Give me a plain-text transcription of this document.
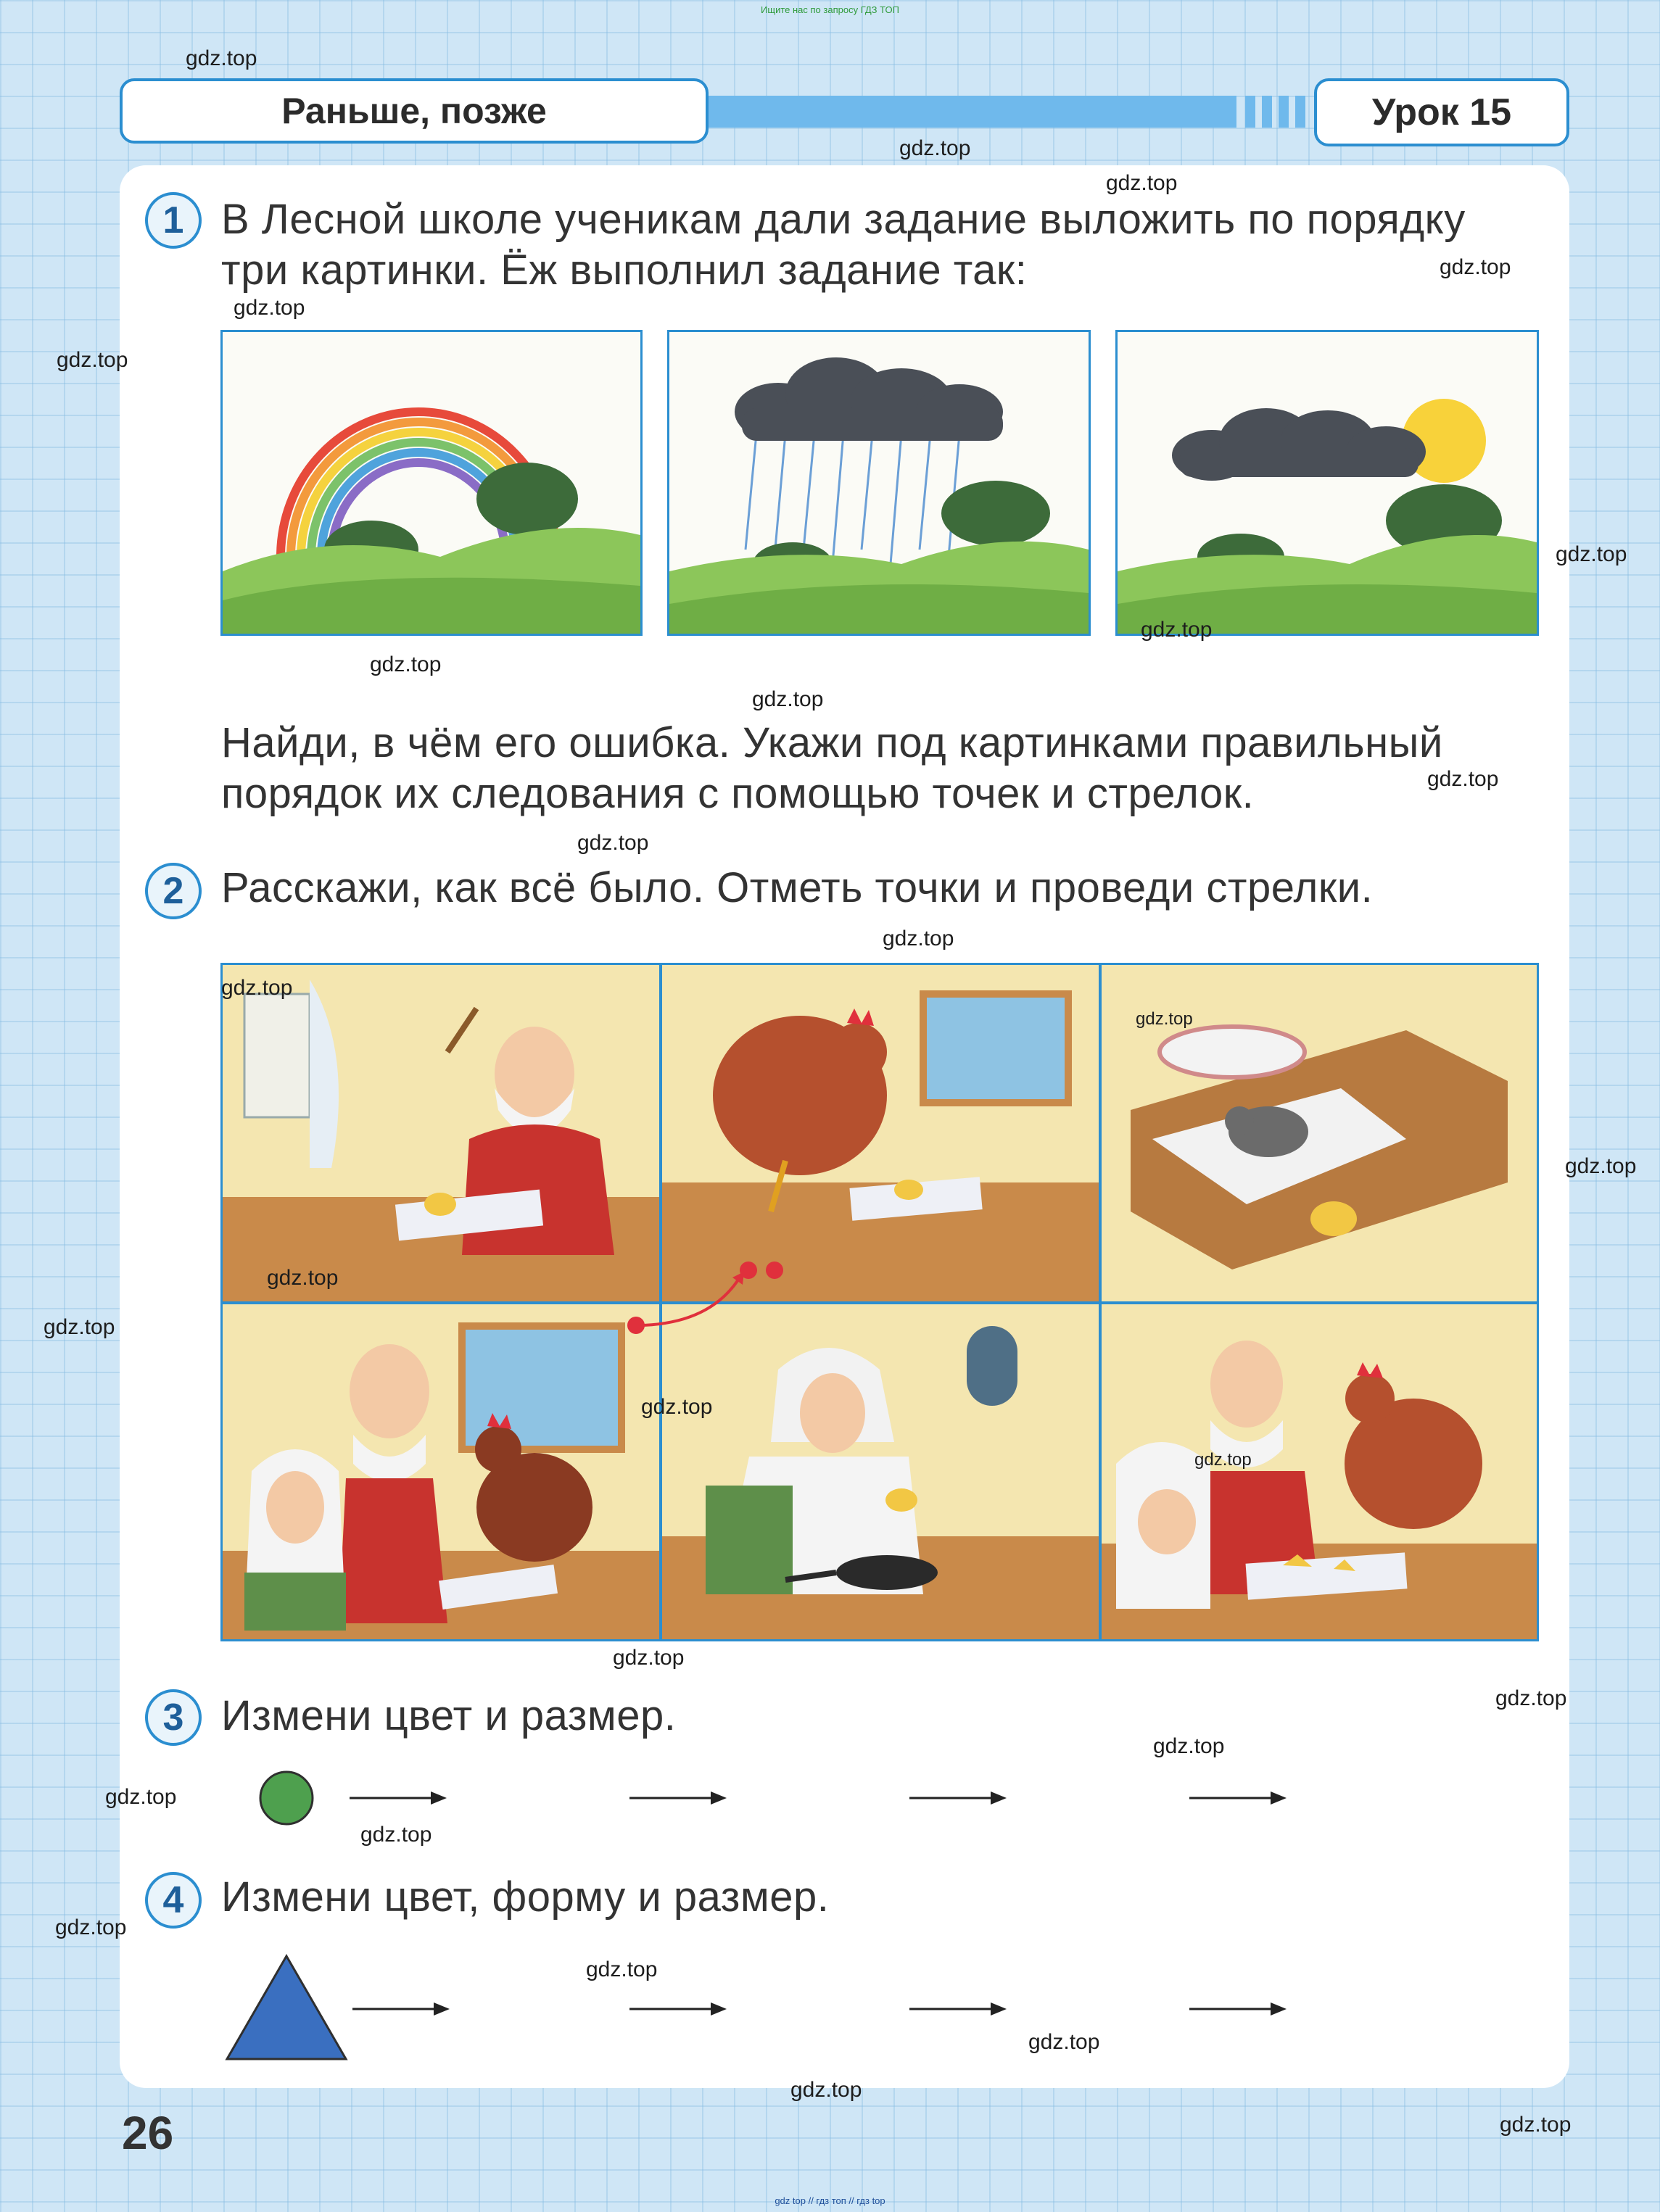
Ищите нас по запросу ГДЗ ТОП
gdz top // гдз топ // гдз top
Раньше, позже	Урок 15
1 В Лесной школе ученикам дали задание выложить по порядку
три картинки. Ёж выполнил задание так:
Найди, в чём его ошибка. Укажи под картинками правильный
порядок их следования с помощью точек и стрелок.
2 Расскажи, как всё было. Отметь точки и проведи стрелки.
3 Измени цвет и размер.
4 Измени цвет, форму и размер.
26
gdz.top
gdz.top
gdz.top
gdz.top
gdz.top
gdz.top
gdz.top
gdz.top
gdz.top
gdz.top
gdz.top
gdz.top
gdz.top
gdz.top
gdz.top
gdz.top
gdz.top
gdz.top
gdz.top
gdz.top
gdz.top
gdz.top
gdz.top
gdz.top
gdz.top
gdz.top
gdz.top
gdz.top
gdz.top
gdz.top
